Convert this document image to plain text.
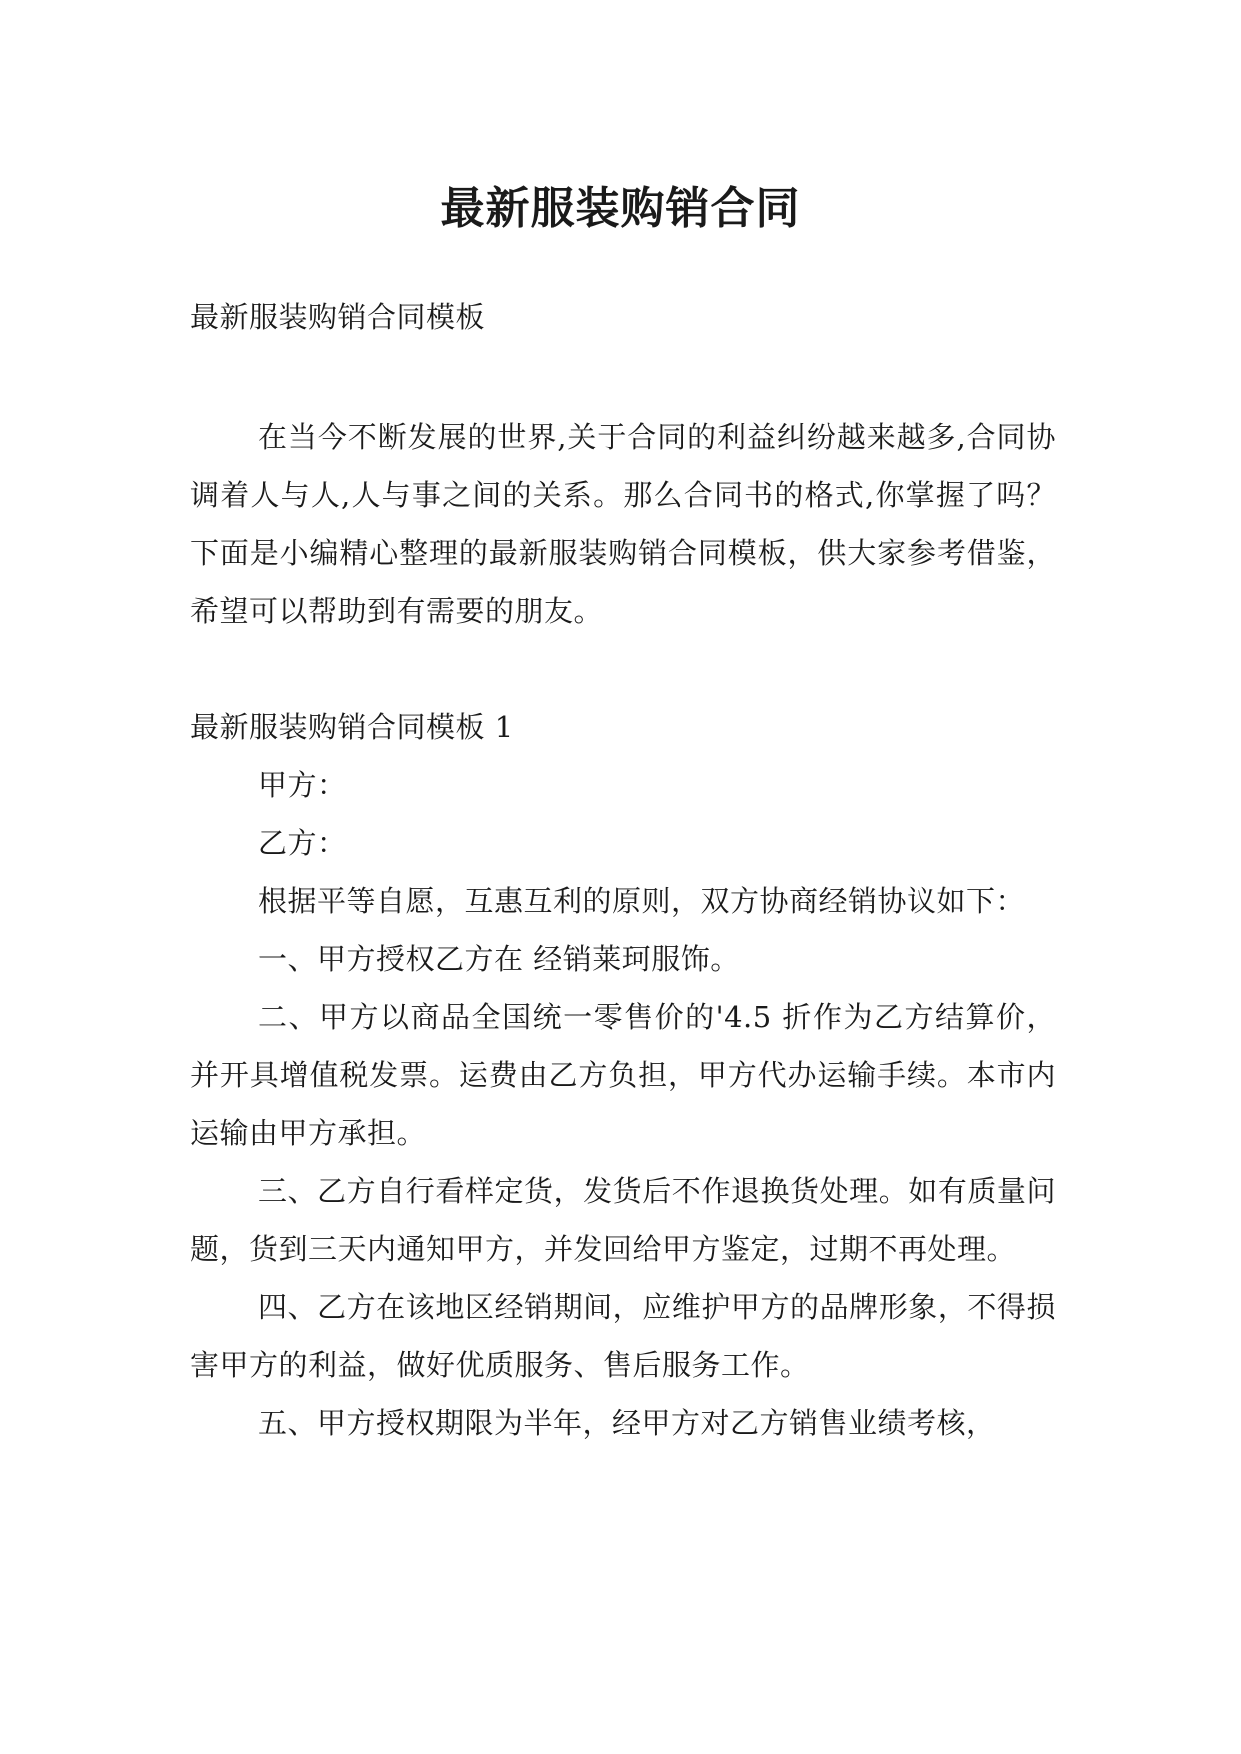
最新服装购销合同

最新服装购销合同模板

在当今不断发展的世界,关于合同的利益纠纷越来越多,合同协调着人与人,人与事之间的关系。那么合同书的格式,你掌握了吗？下面是小编精心整理的最新服装购销合同模板，供大家参考借鉴，希望可以帮助到有需要的朋友。

最新服装购销合同模板 1

甲方：

乙方：

根据平等自愿，互惠互利的原则，双方协商经销协议如下：

一、甲方授权乙方在 经销莱珂服饰。

二、甲方以商品全国统一零售价的'4.5 折作为乙方结算价，并开具增值税发票。运费由乙方负担，甲方代办运输手续。本市内运输由甲方承担。

三、乙方自行看样定货，发货后不作退换货处理。如有质量问题，货到三天内通知甲方，并发回给甲方鉴定，过期不再处理。

四、乙方在该地区经销期间，应维护甲方的品牌形象，不得损害甲方的利益，做好优质服务、售后服务工作。

五、甲方授权期限为半年，经甲方对乙方销售业绩考核，
